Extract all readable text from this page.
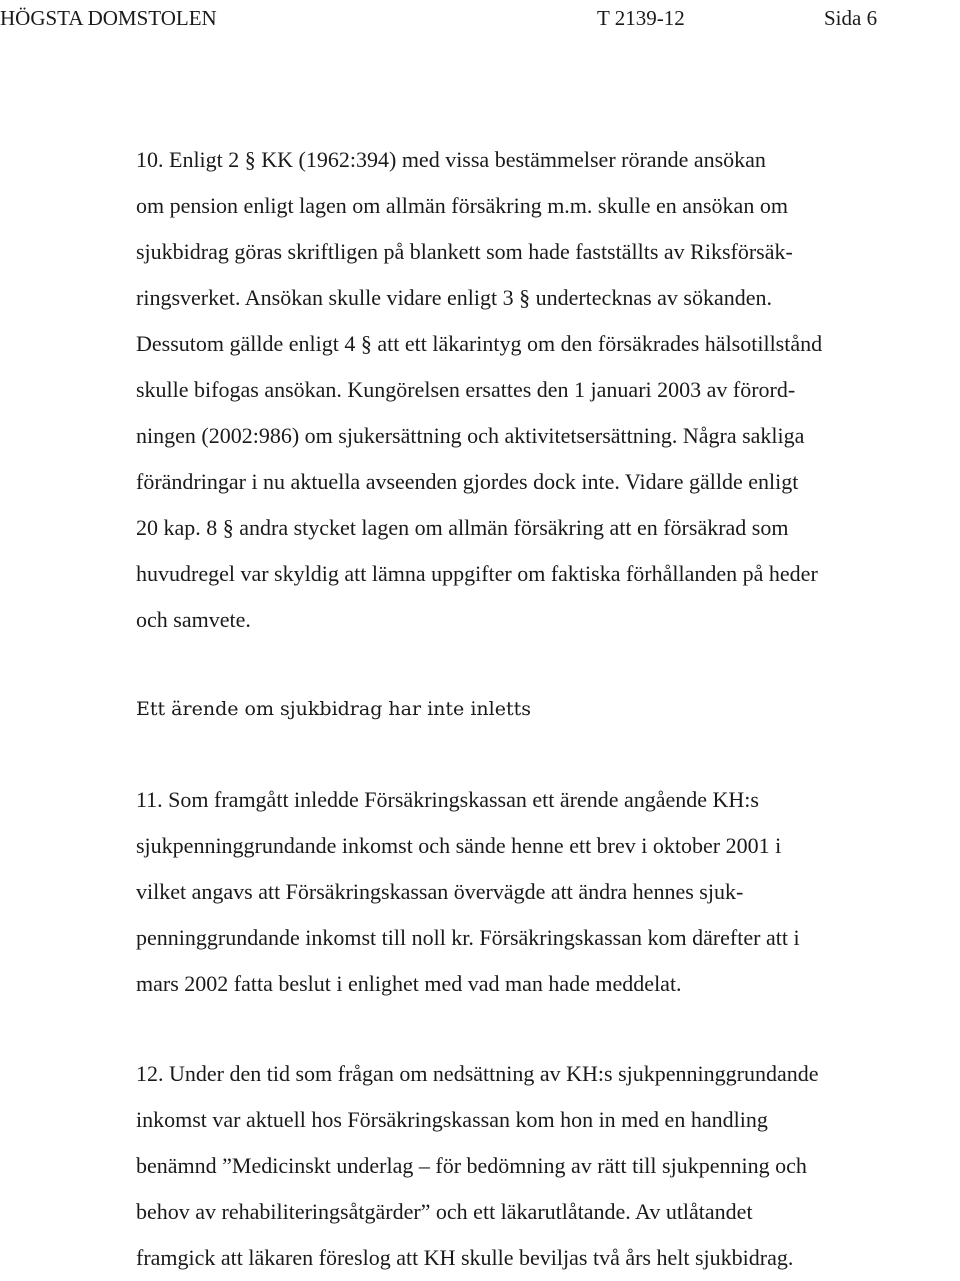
HÖGSTA DOMSTOLEN	T 2139-12	Sida 6
10. Enligt 2 § KK (1962:394) med vissa bestämmelser rörande ansökan
om pension enligt lagen om allmän försäkring m.m. skulle en ansökan om
sjukbidrag göras skriftligen på blankett som hade fastställts av Riksförsäk-
ringsverket. Ansökan skulle vidare enligt 3 § undertecknas av sökanden.
Dessutom gällde enligt 4 § att ett läkarintyg om den försäkrades hälsotillstånd
skulle bifogas ansökan. Kungörelsen ersattes den 1 januari 2003 av förord-
ningen (2002:986) om sjukersättning och aktivitetsersättning. Några sakliga
förändringar i nu aktuella avseenden gjordes dock inte. Vidare gällde enligt
20 kap. 8 § andra stycket lagen om allmän försäkring att en försäkrad som
huvudregel var skyldig att lämna uppgifter om faktiska förhållanden på heder
och samvete.
Ett ärende om sjukbidrag har inte inletts
11. Som framgått inledde Försäkringskassan ett ärende angående KH:s
sjukpenninggrundande inkomst och sände henne ett brev i oktober 2001 i
vilket angavs att Försäkringskassan övervägde att ändra hennes sjuk-
penninggrundande inkomst till noll kr. Försäkringskassan kom därefter att i
mars 2002 fatta beslut i enlighet med vad man hade meddelat.
12. Under den tid som frågan om nedsättning av KH:s sjukpenninggrundande
inkomst var aktuell hos Försäkringskassan kom hon in med en handling
benämnd ”Medicinskt underlag – för bedömning av rätt till sjukpenning och
behov av rehabiliteringsåtgärder” och ett läkarutlåtande. Av utlåtandet
framgick att läkaren föreslog att KH skulle beviljas två års helt sjukbidrag.
